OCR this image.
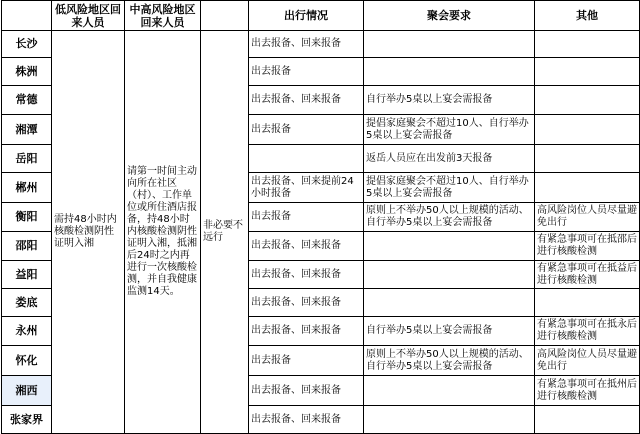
	低风险地区回来人员	中高风险地区回来人员		出行情况	聚会要求	其他
长沙	需持48小时内核酸检测阴性证明入湘	请第一时间主动向所在社区（村）、工作单位或所住酒店报备，持48小时内核酸检测阴性证明入湘，抵湘后24时之内再进行一次核酸检测，并自我健康监测14天。	非必要不远行	出去报备、回来报备		
株洲				出去报备		
常德				出去报备、回来报备	自行举办5桌以上宴会需报备	
湘潭				出去报备	提倡家庭聚会不超过10人、自行举办5桌以上宴会需报备	
岳阳					返岳人员应在出发前3天报备	
郴州				出去报备、回来提前24小时报备	提倡家庭聚会不超过10人、自行举办5桌以上宴会需报备	
衡阳				出去报备	原则上不举办50人以上规模的活动、自行举办5桌以上宴会需报备	高风险岗位人员尽量避免出行
邵阳				出去报备、回来报备		有紧急事项可在抵邵后进行核酸检测
益阳				出去报备、回来报备		有紧急事项可在抵益后进行核酸检测
娄底				出去报备、回来报备		
永州				出去报备、回来报备	自行举办5桌以上宴会需报备	有紧急事项可在抵永后进行核酸检测
怀化				出去报备	原则上不举办50人以上规模的活动、自行举办5桌以上宴会需报备	高风险岗位人员尽量避免出行
湘西				出去报备、回来报备		有紧急事项可在抵州后进行核酸检测
张家界				出去报备、回来报备		
